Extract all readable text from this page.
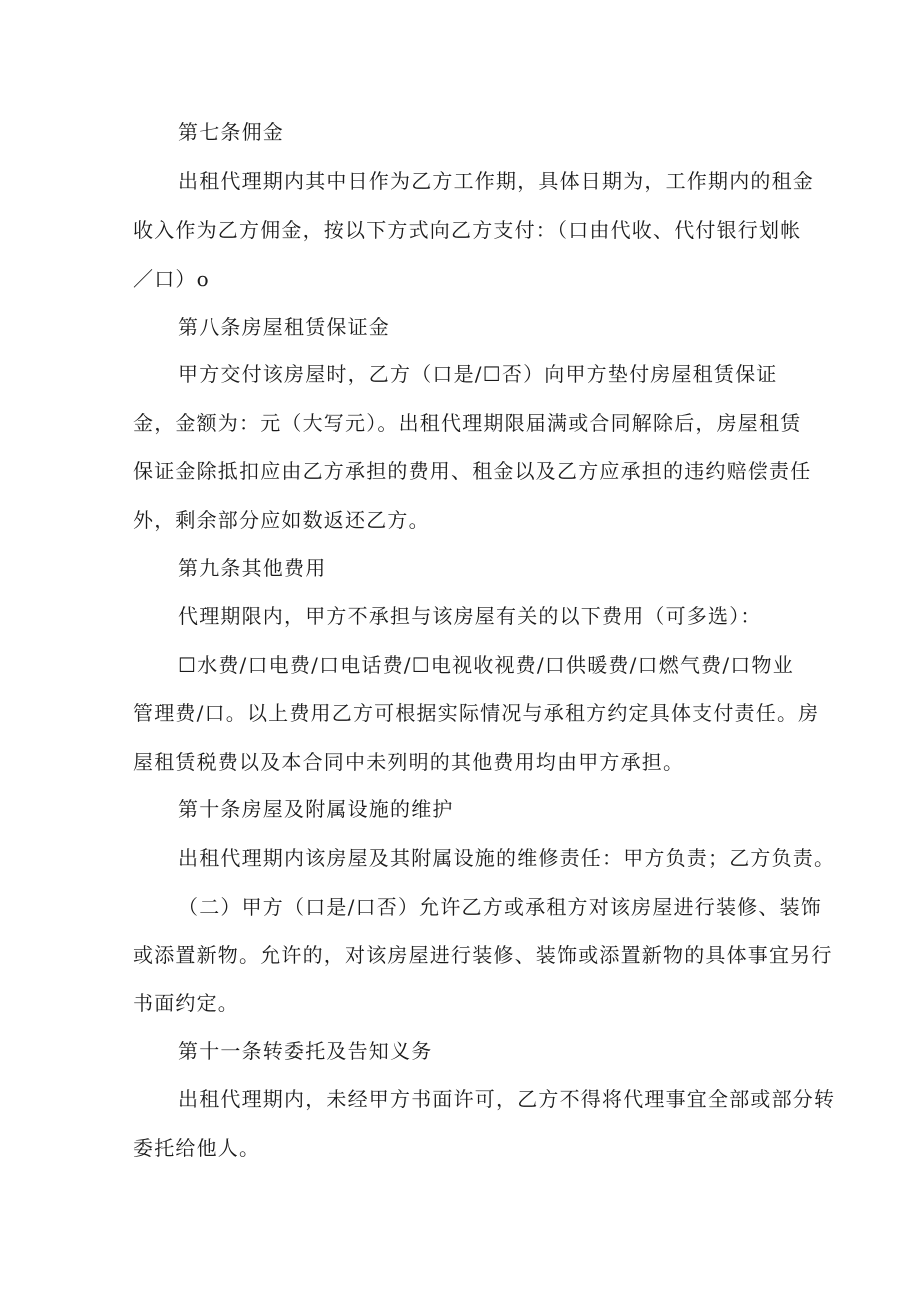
第七条佣金
出租代理期内其中日作为乙方工作期，具体日期为，工作期内的租金
收入作为乙方佣金，按以下方式向乙方支付：（口由代收、代付银行划帐
／口）o
第八条房屋租赁保证金
甲方交付该房屋时，乙方（口是/☐否）向甲方垫付房屋租赁保证
金，金额为：元（大写元）。出租代理期限届满或合同解除后，房屋租赁
保证金除抵扣应由乙方承担的费用、租金以及乙方应承担的违约赔偿责任
外，剩余部分应如数返还乙方。
第九条其他费用
代理期限内，甲方不承担与该房屋有关的以下费用（可多选）：
☐水费/口电费/口电话费/☐电视收视费/口供暖费/口燃气费/口物业
管理费/口。以上费用乙方可根据实际情况与承租方约定具体支付责任。房
屋租赁税费以及本合同中未列明的其他费用均由甲方承担。
第十条房屋及附属设施的维护
出租代理期内该房屋及其附属设施的维修责任：甲方负责；乙方负责。
（二）甲方（口是/口否）允许乙方或承租方对该房屋进行装修、装饰
或添置新物。允许的，对该房屋进行装修、装饰或添置新物的具体事宜另行
书面约定。
第十一条转委托及告知义务
出租代理期内，未经甲方书面许可，乙方不得将代理事宜全部或部分转
委托给他人。
